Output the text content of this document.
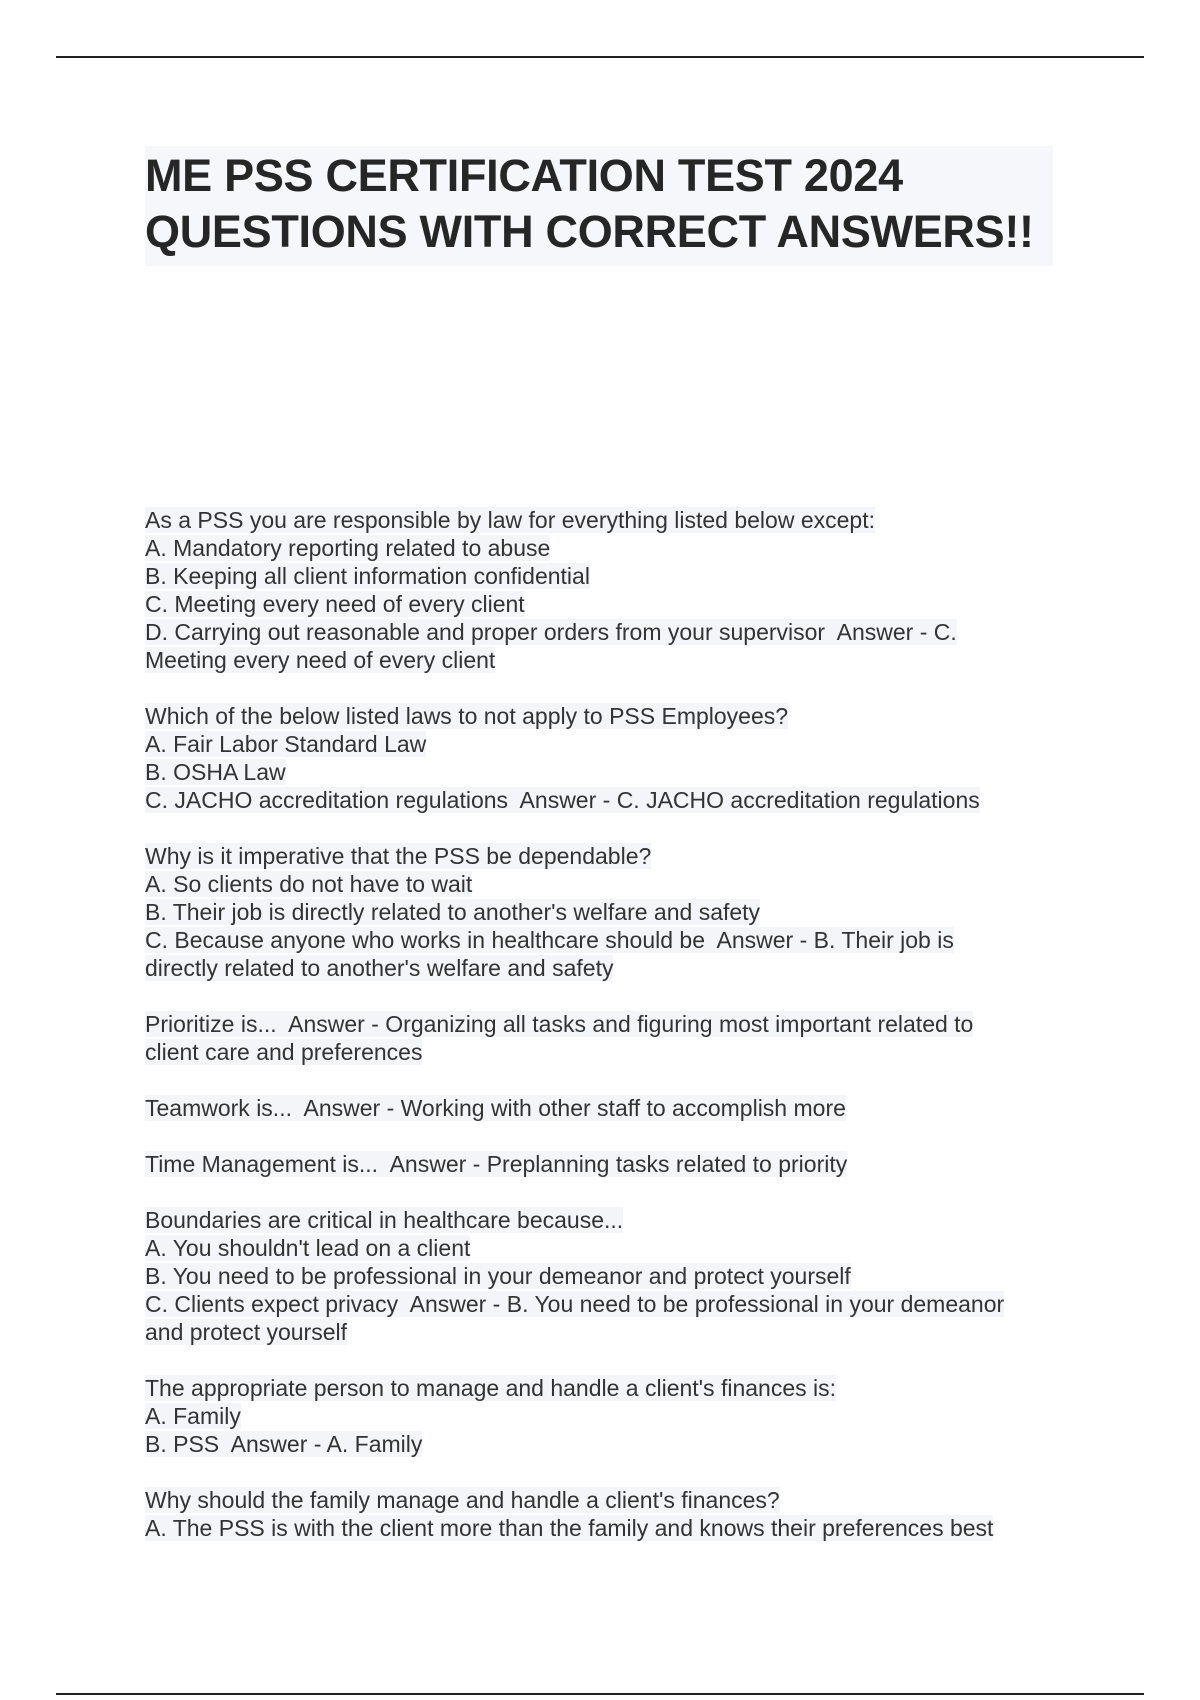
ME PSS CERTIFICATION TEST 2024 QUESTIONS WITH CORRECT ANSWERS!!
As a PSS you are responsible by law for everything listed below except:
A. Mandatory reporting related to abuse
B. Keeping all client information confidential
C. Meeting every need of every client
D. Carrying out reasonable and proper orders from your supervisor  Answer - C.
Meeting every need of every client
Which of the below listed laws to not apply to PSS Employees?
A. Fair Labor Standard Law
B. OSHA Law
C. JACHO accreditation regulations  Answer - C. JACHO accreditation regulations
Why is it imperative that the PSS be dependable?
A. So clients do not have to wait
B. Their job is directly related to another's welfare and safety
C. Because anyone who works in healthcare should be  Answer - B. Their job is
directly related to another's welfare and safety
Prioritize is...  Answer - Organizing all tasks and figuring most important related to
client care and preferences
Teamwork is...  Answer - Working with other staff to accomplish more
Time Management is...  Answer - Preplanning tasks related to priority
Boundaries are critical in healthcare because...
A. You shouldn't lead on a client
B. You need to be professional in your demeanor and protect yourself
C. Clients expect privacy  Answer - B. You need to be professional in your demeanor
and protect yourself
The appropriate person to manage and handle a client's finances is:
A. Family
B. PSS  Answer - A. Family
Why should the family manage and handle a client's finances?
A. The PSS is with the client more than the family and knows their preferences best
